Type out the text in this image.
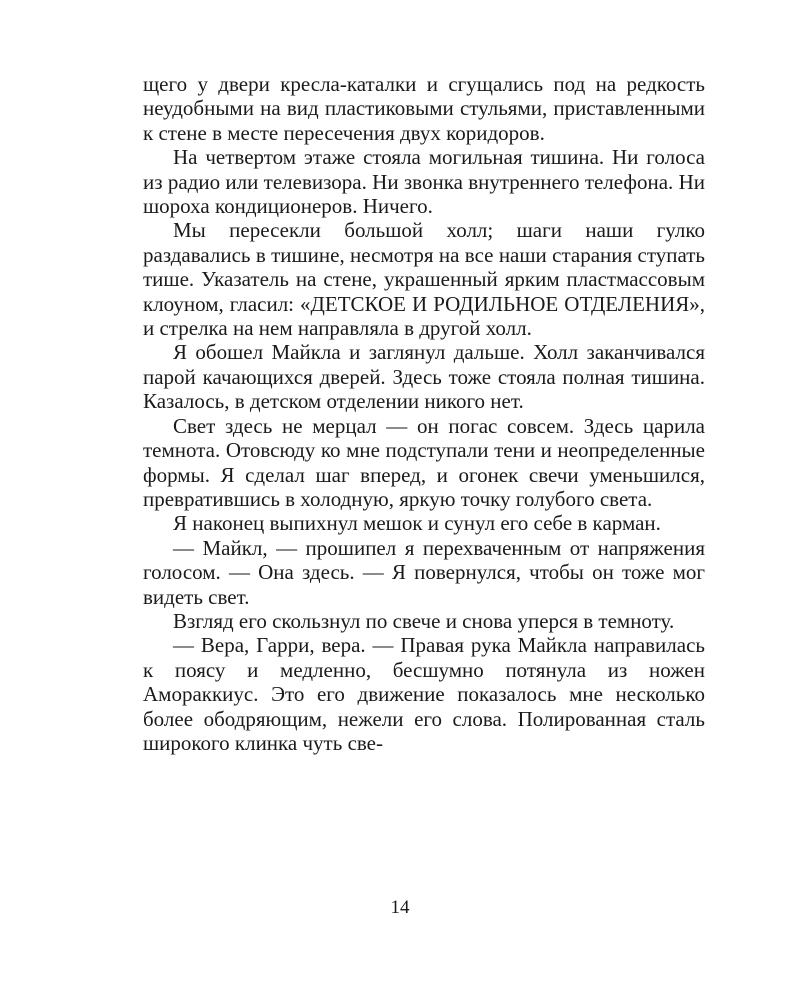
щего у двери кресла-каталки и сгущались под на редкость неудобными на вид пластиковыми стульями, приставленными к стене в месте пересечения двух коридоров.

На четвертом этаже стояла могильная тишина. Ни голоса из радио или телевизора. Ни звонка внутреннего телефона. Ни шороха кондиционеров. Ничего.

Мы пересекли большой холл; шаги наши гулко раздавались в тишине, несмотря на все наши старания ступать тише. Указатель на стене, украшенный ярким пластмассовым клоуном, гласил: «ДЕТСКОЕ И РОДИЛЬНОЕ ОТДЕЛЕНИЯ», и стрелка на нем направляла в другой холл.

Я обошел Майкла и заглянул дальше. Холл заканчивался парой качающихся дверей. Здесь тоже стояла полная тишина. Казалось, в детском отделении никого нет.

Свет здесь не мерцал — он погас совсем. Здесь царила темнота. Отовсюду ко мне подступали тени и неопределенные формы. Я сделал шаг вперед, и огонек свечи уменьшился, превратившись в холодную, яркую точку голубого света.

Я наконец выпихнул мешок и сунул его себе в карман.

— Майкл, — прошипел я перехваченным от напряжения голосом. — Она здесь. — Я повернулся, чтобы он тоже мог видеть свет.

Взгляд его скользнул по свече и снова уперся в темноту.

— Вера, Гарри, вера. — Правая рука Майкла направилась к поясу и медленно, бесшумно потянула из ножен Амораккиус. Это его движение показалось мне несколько более ободряющим, нежели его слова. Полированная сталь широкого клинка чуть све-

14
